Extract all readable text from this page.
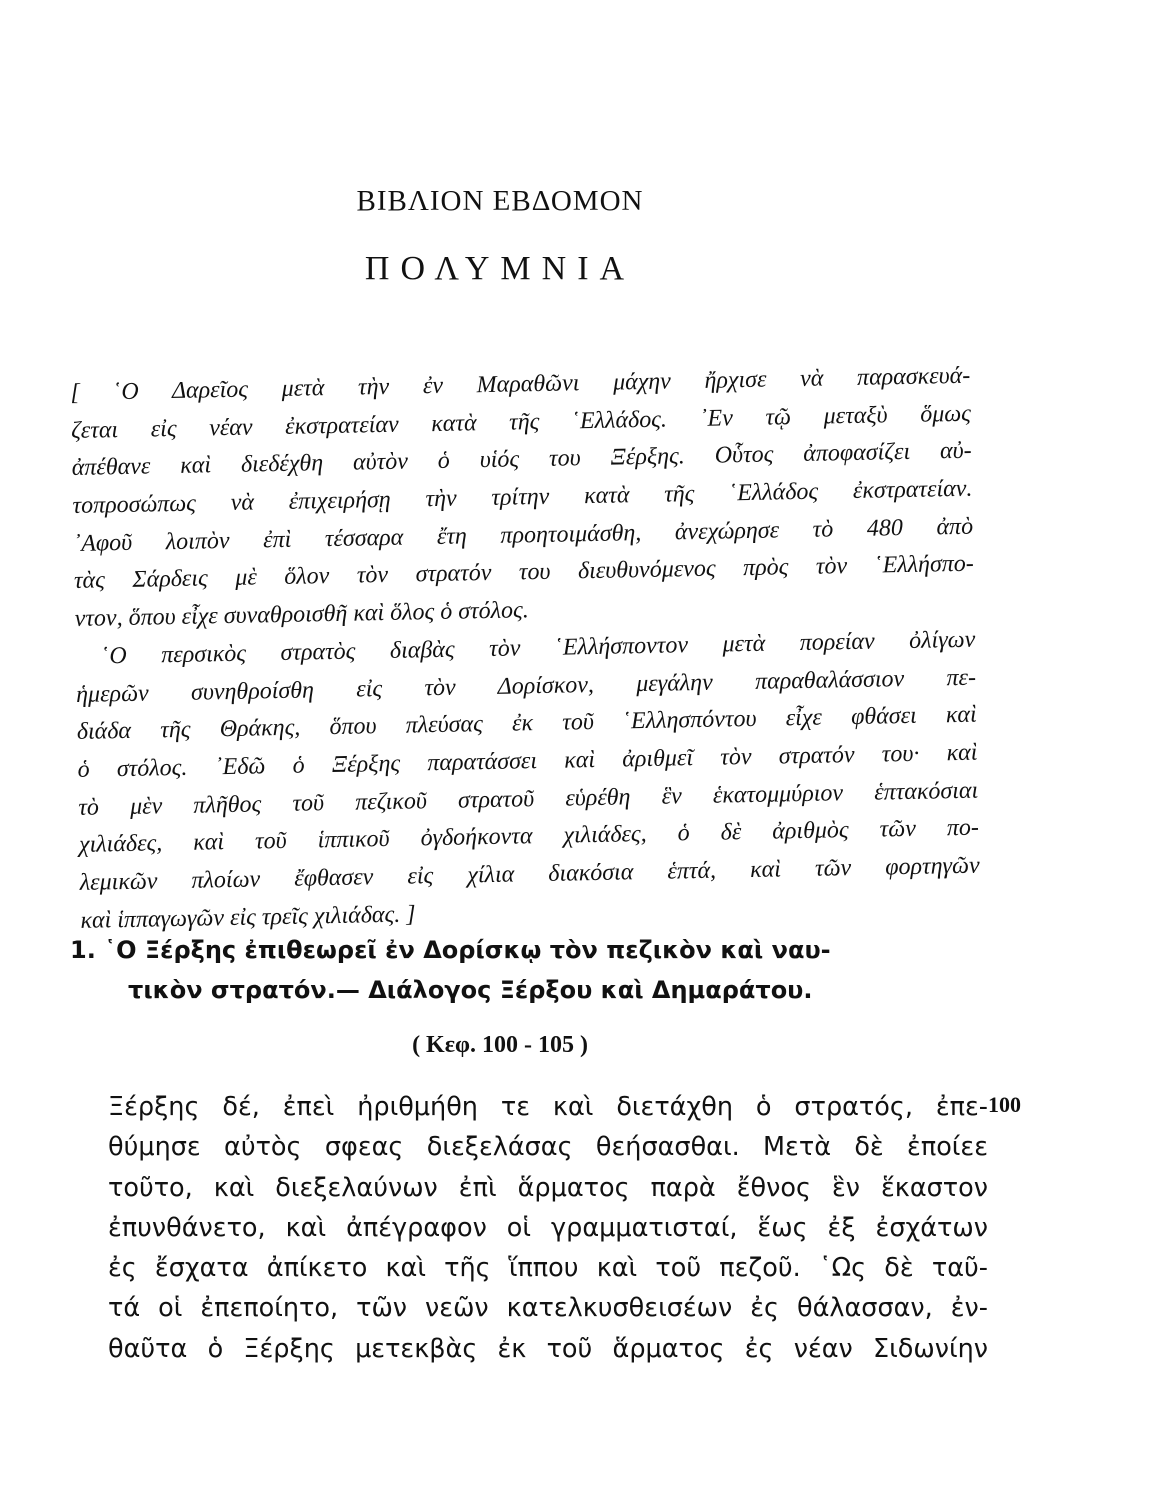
ΒΙΒΛΙΟΝ ΕΒΔΟΜΟΝ
ΠΟΛΥΜΝΙΑ
[ ῾Ο Δαρεῖος μετὰ τὴν ἐν Μαραθῶνι μάχην ἤρχισε νὰ παρασκευά-
ζεται εἰς νέαν ἐκστρατείαν κατὰ τῆς ῾Ελλάδος. ᾿Εν τῷ μεταξὺ ὅμως
ἀπέθανε καὶ διεδέχθη αὐτὸν ὁ υἱός του Ξέρξης. Οὗτος ἀποφασίζει αὐ-
τοπροσώπως νὰ ἐπιχειρήσῃ τὴν τρίτην κατὰ τῆς ῾Ελλάδος ἐκστρατείαν.
᾿Αφοῦ λοιπὸν ἐπὶ τέσσαρα ἔτη προητοιμάσθη, ἀνεχώρησε τὸ 480 ἀπὸ
τὰς Σάρδεις μὲ ὅλον τὸν στρατόν του διευθυνόμενος πρὸς τὸν ῾Ελλήσπο-
ντον, ὅπου εἶχε συναθροισθῆ καὶ ὅλος ὁ στόλος.
῾Ο περσικὸς στρατὸς διαβὰς τὸν ῾Ελλήσποντον μετὰ πορείαν ὀλίγων
ἡμερῶν συνηθροίσθη εἰς τὸν Δορίσκον, μεγάλην παραθαλάσσιον πε-
διάδα τῆς Θράκης, ὅπου πλεύσας ἐκ τοῦ ῾Ελλησπόντου εἶχε φθάσει καὶ
ὁ στόλος. ᾿Εδῶ ὁ Ξέρξης παρατάσσει καὶ ἀριθμεῖ τὸν στρατόν του· καὶ
τὸ μὲν πλῆθος τοῦ πεζικοῦ στρατοῦ εὑρέθη ἓν ἑκατομμύριον ἑπτακόσιαι
χιλιάδες, καὶ τοῦ ἱππικοῦ ὀγδοήκοντα χιλιάδες, ὁ δὲ ἀριθμὸς τῶν πο-
λεμικῶν πλοίων ἔφθασεν εἰς χίλια διακόσια ἑπτά, καὶ τῶν φορτηγῶν
καὶ ἱππαγωγῶν εἰς τρεῖς χιλιάδας. ]
1. ῾Ο Ξέρξης ἐπιθεωρεῖ ἐν Δορίσκῳ τὸν πεζικὸν καὶ ναυ-
τικὸν στρατόν.— Διάλογος Ξέρξου καὶ Δημαράτου.
( Κεφ. 100 - 105 )
100
Ξέρξης δέ, ἐπεὶ ἠριθμήθη τε καὶ διετάχθη ὁ στρατός, ἐπε-
θύμησε αὐτὸς σφεας διεξελάσας θεήσασθαι. Μετὰ δὲ ἐποίεε
τοῦτο, καὶ διεξελαύνων ἐπὶ ἅρματος παρὰ ἔθνος ἓν ἕκαστον
ἐπυνθάνετο, καὶ ἀπέγραφον οἱ γραμματισταί, ἕως ἐξ ἐσχάτων
ἐς ἔσχατα ἀπίκετο καὶ τῆς ἵππου καὶ τοῦ πεζοῦ. ῾Ως δὲ ταῦ-
τά οἱ ἐπεποίητο, τῶν νεῶν κατελκυσθεισέων ἐς θάλασσαν, ἐν-
θαῦτα ὁ Ξέρξης μετεκβὰς ἐκ τοῦ ἅρματος ἐς νέαν Σιδωνίην
